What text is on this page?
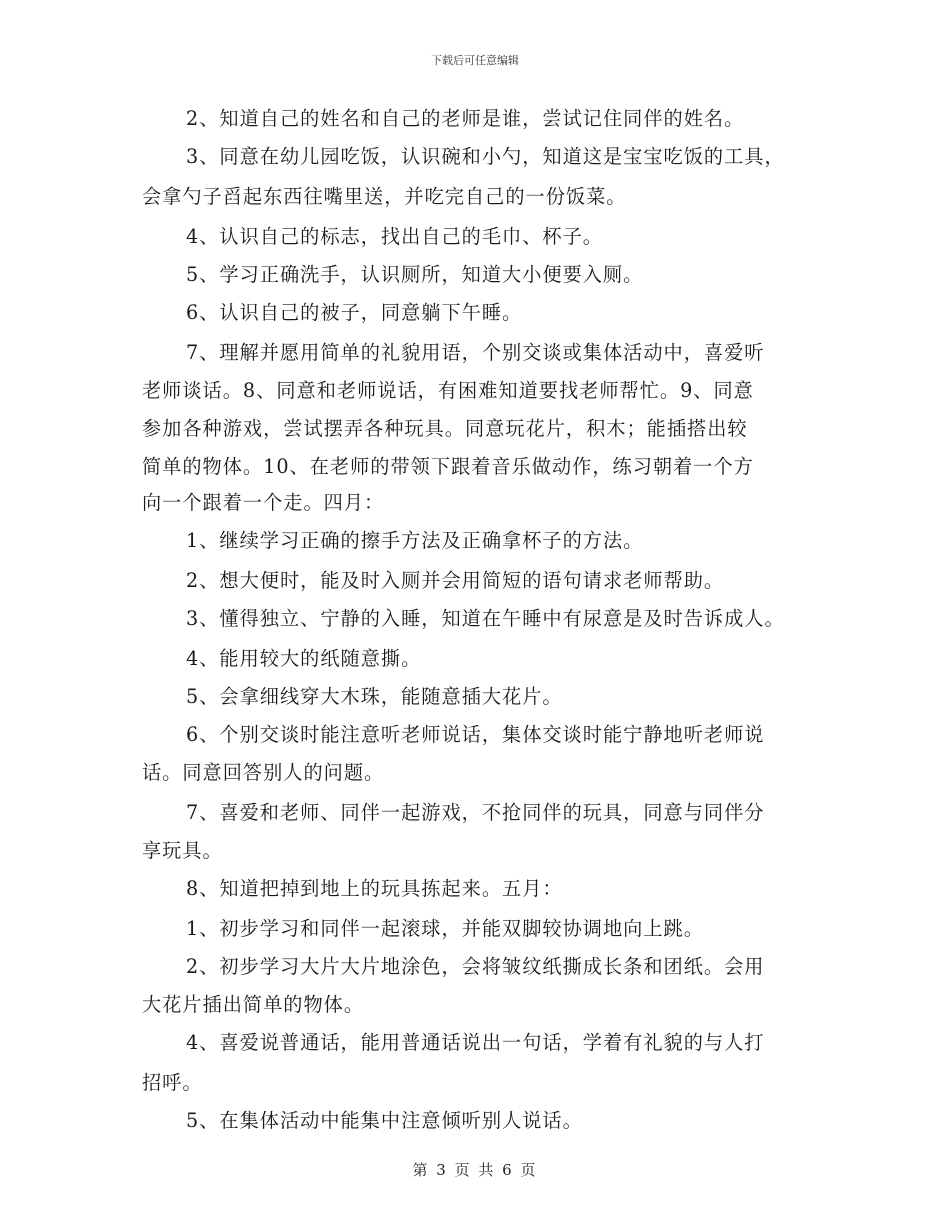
下载后可任意编辑
2、知道自己的姓名和自己的老师是谁，尝试记住同伴的姓名。
3、同意在幼儿园吃饭，认识碗和小勺，知道这是宝宝吃饭的工具，
会拿勺子舀起东西往嘴里送，并吃完自己的一份饭菜。
4、认识自己的标志，找出自己的毛巾、杯子。
5、学习正确洗手，认识厕所，知道大小便要入厕。
6、认识自己的被子，同意躺下午睡。
7、理解并愿用简单的礼貌用语，个别交谈或集体活动中，喜爱听
老师谈话。8、同意和老师说话，有困难知道要找老师帮忙。9、同意
参加各种游戏，尝试摆弄各种玩具。同意玩花片，积木；能插搭出较
简单的物体。10、在老师的带领下跟着音乐做动作，练习朝着一个方
向一个跟着一个走。四月：
1、继续学习正确的擦手方法及正确拿杯子的方法。
2、想大便时，能及时入厕并会用简短的语句请求老师帮助。
3、懂得独立、宁静的入睡，知道在午睡中有尿意是及时告诉成人。
4、能用较大的纸随意撕。
5、会拿细线穿大木珠，能随意插大花片。
6、个别交谈时能注意听老师说话，集体交谈时能宁静地听老师说
话。同意回答别人的问题。
7、喜爱和老师、同伴一起游戏，不抢同伴的玩具，同意与同伴分
享玩具。
8、知道把掉到地上的玩具拣起来。五月：
1、初步学习和同伴一起滚球，并能双脚较协调地向上跳。
2、初步学习大片大片地涂色，会将皱纹纸撕成长条和团纸。会用
大花片插出简单的物体。
4、喜爱说普通话，能用普通话说出一句话，学着有礼貌的与人打
招呼。
5、在集体活动中能集中注意倾听别人说话。
第 3 页 共 6 页
